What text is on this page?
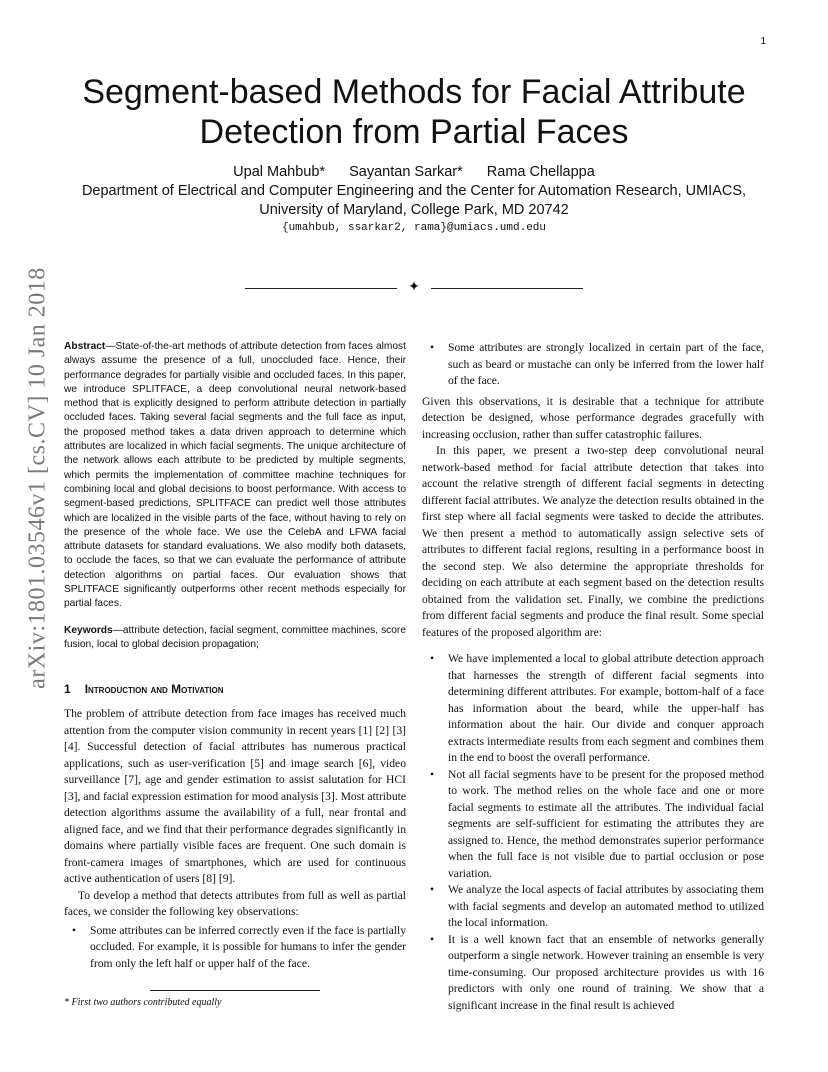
1
arXiv:1801.03546v1 [cs.CV] 10 Jan 2018
Segment-based Methods for Facial Attribute Detection from Partial Faces
Upal Mahbub* Sayantan Sarkar* Rama Chellappa
Department of Electrical and Computer Engineering and the Center for Automation Research, UMIACS, University of Maryland, College Park, MD 20742
{umahbub, ssarkar2, rama}@umiacs.umd.edu
✦

Abstract—State-of-the-art methods of attribute detection from faces almost always assume the presence of a full, unoccluded face. Hence, their performance degrades for partially visible and occluded faces. In this paper, we introduce SPLITFACE, a deep convolutional neural network-based method that is explicitly designed to perform attribute detection in partially occluded faces. Taking several facial segments and the full face as input, the proposed method takes a data driven approach to determine which attributes are localized in which facial segments. The unique architecture of the network allows each attribute to be predicted by multiple segments, which permits the implementation of committee machine techniques for combining local and global decisions to boost performance. With access to segment-based predictions, SPLITFACE can predict well those attributes which are localized in the visible parts of the face, without having to rely on the presence of the whole face. We use the CelebA and LFWA facial attribute datasets for standard evaluations. We also modify both datasets, to occlude the faces, so that we can evaluate the performance of attribute detection algorithms on partial faces. Our evaluation shows that SPLITFACE significantly outperforms other recent methods especially for partial faces.

Keywords—attribute detection, facial segment, committee machines, score fusion, local to global decision propagation;

1 Introduction and Motivation

The problem of attribute detection from face images has received much attention from the computer vision community in recent years [1] [2] [3] [4]. Successful detection of facial attributes has numerous practical applications, such as user-verification [5] and image search [6], video surveillance [7], age and gender estimation to assist salutation for HCI [3], and facial expression estimation for mood analysis [3]. Most attribute detection algorithms assume the availability of a full, near frontal and aligned face, and we find that their performance degrades significantly in domains where partially visible faces are frequent. One such domain is front-camera images of smartphones, which are used for continuous active authentication of users [8] [9].

To develop a method that detects attributes from full as well as partial faces, we consider the following key observations:

• Some attributes can be inferred correctly even if the face is partially occluded. For example, it is possible for humans to infer the gender from only the left half or upper half of the face.
• Some attributes are strongly localized in certain part of the face, such as beard or mustache can only be inferred from the lower half of the face.

Given this observations, it is desirable that a technique for attribute detection be designed, whose performance degrades gracefully with increasing occlusion, rather than suffer catastrophic failures.

In this paper, we present a two-step deep convolutional neural network-based method for facial attribute detection that takes into account the relative strength of different facial segments in detecting different facial attributes. We analyze the detection results obtained in the first step where all facial segments were tasked to decide the attributes. We then present a method to automatically assign selective sets of attributes to different facial regions, resulting in a performance boost in the second step. We also determine the appropriate thresholds for deciding on each attribute at each segment based on the detection results obtained from the validation set. Finally, we combine the predictions from different facial segments and produce the final result. Some special features of the proposed algorithm are:

• We have implemented a local to global attribute detection approach that harnesses the strength of different facial segments into determining different attributes. For example, bottom-half of a face has information about the beard, while the upper-half has information about the hair. Our divide and conquer approach extracts intermediate results from each segment and combines them in the end to boost the overall performance.
• Not all facial segments have to be present for the proposed method to work. The method relies on the whole face and one or more facial segments to estimate all the attributes. The individual facial segments are self-sufficient for estimating the attributes they are assigned to. Hence, the method demonstrates superior performance when the full face is not visible due to partial occlusion or pose variation.
• We analyze the local aspects of facial attributes by associating them with facial segments and develop an automated method to utilized the local information.
• It is a well known fact that an ensemble of networks generally outperform a single network. However training an ensemble is very time-consuming. Our proposed architecture provides us with 16 predictors with only one round of training. We show that a significant increase in the final result is achieved
* First two authors contributed equally
